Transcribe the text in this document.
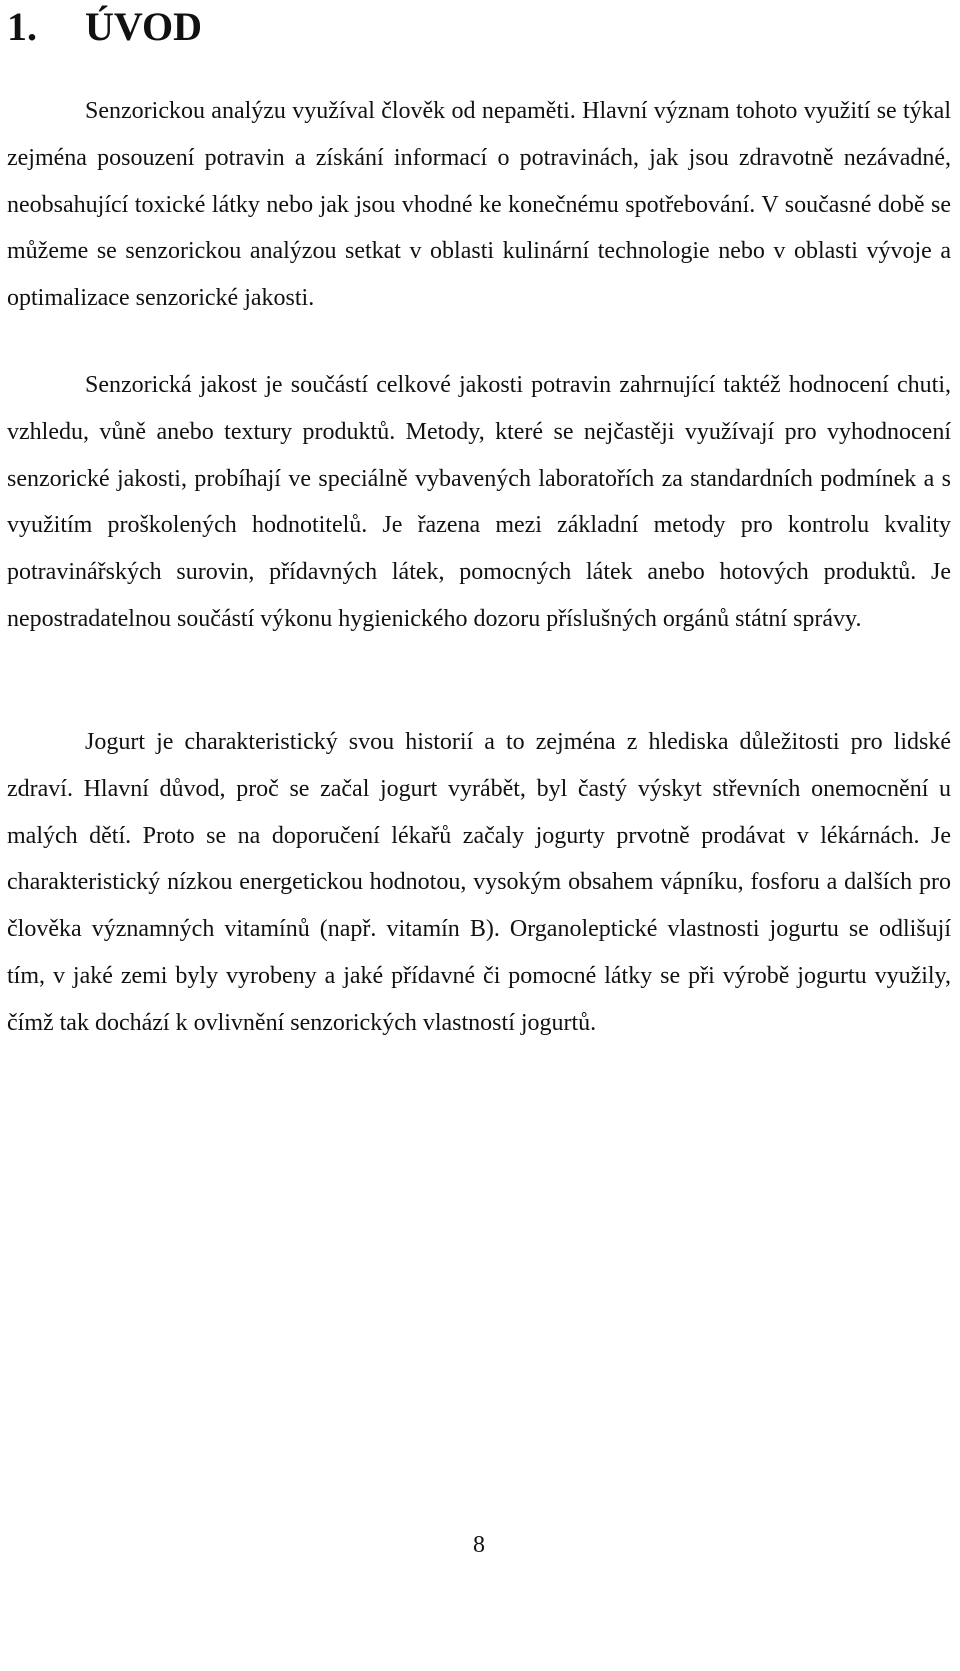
1. ÚVOD

Senzorickou analýzu využíval člověk od nepaměti. Hlavní význam tohoto využití se týkal zejména posouzení potravin a získání informací o potravinách, jak jsou zdravotně nezávadné, neobsahující toxické látky nebo jak jsou vhodné ke konečnému spotřebování. V současné době se můžeme se senzorickou analýzou setkat v oblasti kulinární technologie nebo v oblasti vývoje a optimalizace senzorické jakosti.

Senzorická jakost je součástí celkové jakosti potravin zahrnující taktéž hodnocení chuti, vzhledu, vůně anebo textury produktů. Metody, které se nejčastěji využívají pro vyhodnocení senzorické jakosti, probíhají ve speciálně vybavených laboratořích za standardních podmínek a s využitím proškolených hodnotitelů. Je řazena mezi základní metody pro kontrolu kvality potravinářských surovin, přídavných látek, pomocných látek anebo hotových produktů. Je nepostradatelnou součástí výkonu hygienického dozoru příslušných orgánů státní správy.

Jogurt je charakteristický svou historií a to zejména z hlediska důležitosti pro lidské zdraví. Hlavní důvod, proč se začal jogurt vyrábět, byl častý výskyt střevních onemocnění u malých dětí. Proto se na doporučení lékařů začaly jogurty prvotně prodávat v lékárnách. Je charakteristický nízkou energetickou hodnotou, vysokým obsahem vápníku, fosforu a dalších pro člověka významných vitamínů (např. vitamín B). Organoleptické vlastnosti jogurtu se odlišují tím, v jaké zemi byly vyrobeny a jaké přídavné či pomocné látky se při výrobě jogurtu využily, čímž tak dochází k ovlivnění senzorických vlastností jogurtů.

8
